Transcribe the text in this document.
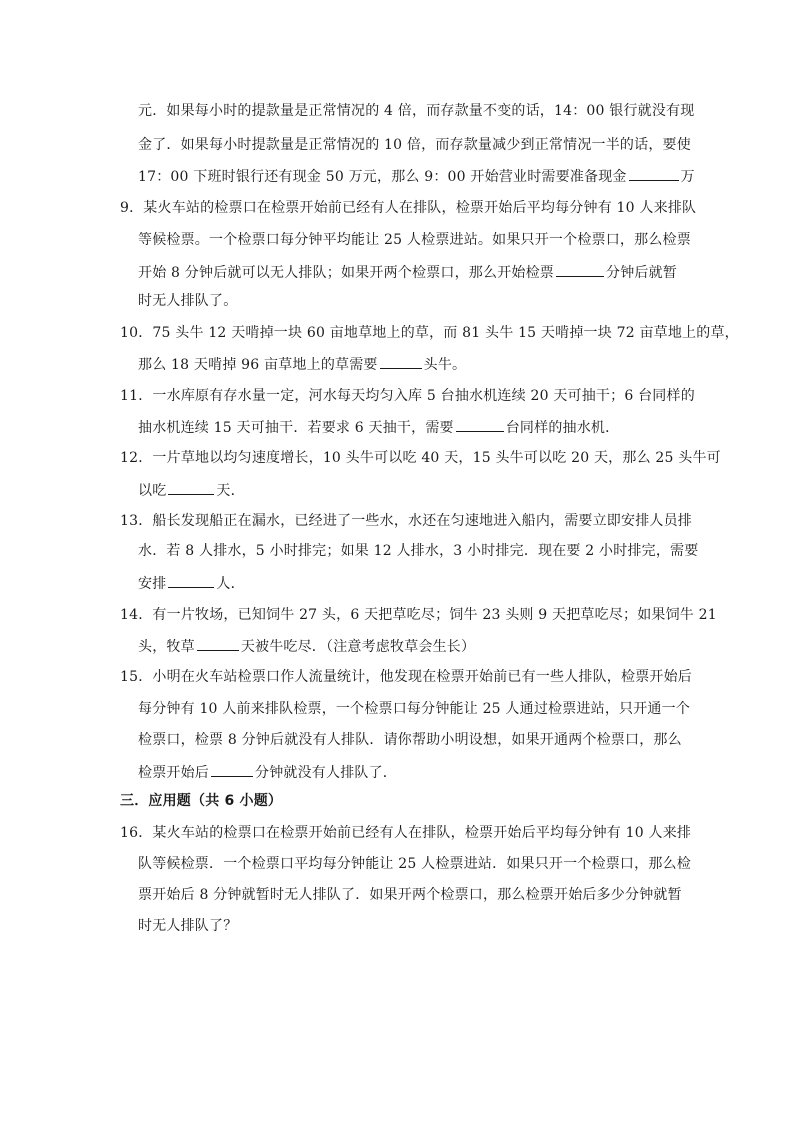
元．如果每小时的提款量是正常情况的 4 倍，而存款量不变的话，14：00 银行就没有现
金了．如果每小时提款量是正常情况的 10 倍，而存款量减少到正常情况一半的话，要使
17：00 下班时银行还有现金 50 万元，那么 9：00 开始营业时需要准备现金	万
9．某火车站的检票口在检票开始前已经有人在排队，检票开始后平均每分钟有 10 人来排队
等候检票。一个检票口每分钟平均能让 25 人检票进站。如果只开一个检票口，那么检票
开始 8 分钟后就可以无人排队；如果开两个检票口，那么开始检票	分钟后就暂
时无人排队了。
10．75 头牛 12 天啃掉一块 60 亩地草地上的草，而 81 头牛 15 天啃掉一块 72 亩草地上的草，
那么 18 天啃掉 96 亩草地上的草需要	头牛。
11．一水库原有存水量一定，河水每天均匀入库 5 台抽水机连续 20 天可抽干；6 台同样的
抽水机连续 15 天可抽干．若要求 6 天抽干，需要	台同样的抽水机．
12．一片草地以均匀速度增长，10 头牛可以吃 40 天，15 头牛可以吃 20 天，那么 25 头牛可
以吃	天．
13．船长发现船正在漏水，已经进了一些水，水还在匀速地进入船内，需要立即安排人员排
水．若 8 人排水，5 小时排完；如果 12 人排水，3 小时排完．现在要 2 小时排完，需要
安排	人．
14．有一片牧场，已知饲牛 27 头，6 天把草吃尽；饲牛 23 头则 9 天把草吃尽；如果饲牛 21
头，牧草	天被牛吃尽．（注意考虑牧草会生长）
15．小明在火车站检票口作人流量统计，他发现在检票开始前已有一些人排队，检票开始后
每分钟有 10 人前来排队检票，一个检票口每分钟能让 25 人通过检票进站，只开通一个
检票口，检票 8 分钟后就没有人排队．请你帮助小明设想，如果开通两个检票口，那么
检票开始后	分钟就没有人排队了．
三．应用题（共 6 小题）
16．某火车站的检票口在检票开始前已经有人在排队，检票开始后平均每分钟有 10 人来排
队等候检票．一个检票口平均每分钟能让 25 人检票进站．如果只开一个检票口，那么检
票开始后 8 分钟就暂时无人排队了．如果开两个检票口，那么检票开始后多少分钟就暂
时无人排队了？
